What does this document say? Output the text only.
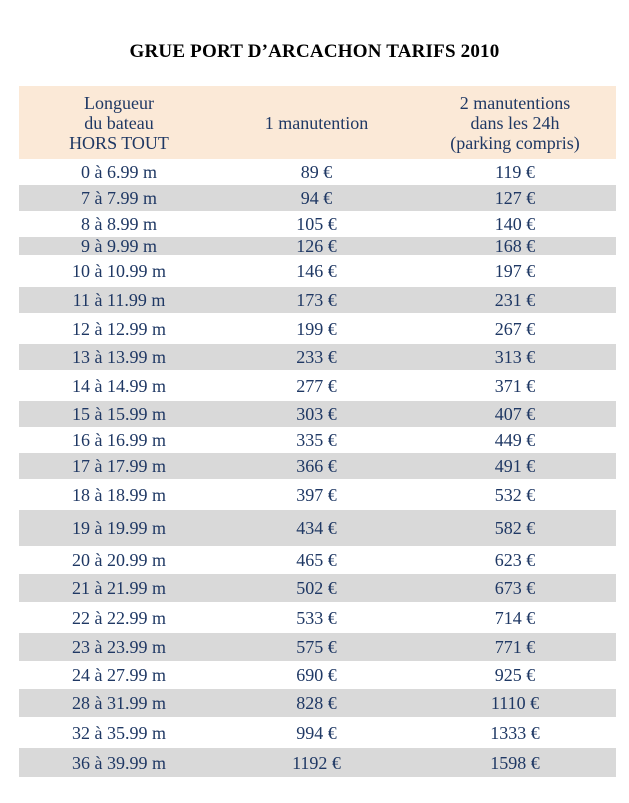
GRUE PORT D’ARCACHON TARIFS 2010
Longueur
du bateau
HORS TOUT	1 manutention	2 manutentions
dans les 24h
(parking compris)

0 à 6.99 m	89 €	119 €
7 à 7.99 m	94 €	127 €
8 à 8.99 m	105 €	140 €
9 à 9.99 m	126 €	168 €
10 à 10.99 m	146 €	197 €
11 à 11.99 m	173 €	231 €
12 à 12.99 m	199 €	267 €
13 à 13.99 m	233 €	313 €
14 à 14.99 m	277 €	371 €
15 à 15.99 m	303 €	407 €
16 à 16.99 m	335 €	449 €
17 à 17.99 m	366 €	491 €
18 à 18.99 m	397 €	532 €
19 à 19.99 m	434 €	582 €
20 à 20.99 m	465 €	623 €
21 à 21.99 m	502 €	673 €
22 à 22.99 m	533 €	714 €
23 à 23.99 m	575 €	771 €
24 à 27.99 m	690 €	925 €
28 à 31.99 m	828 €	1110 €
32 à 35.99 m	994 €	1333 €
36 à 39.99 m	1192 €	1598 €
